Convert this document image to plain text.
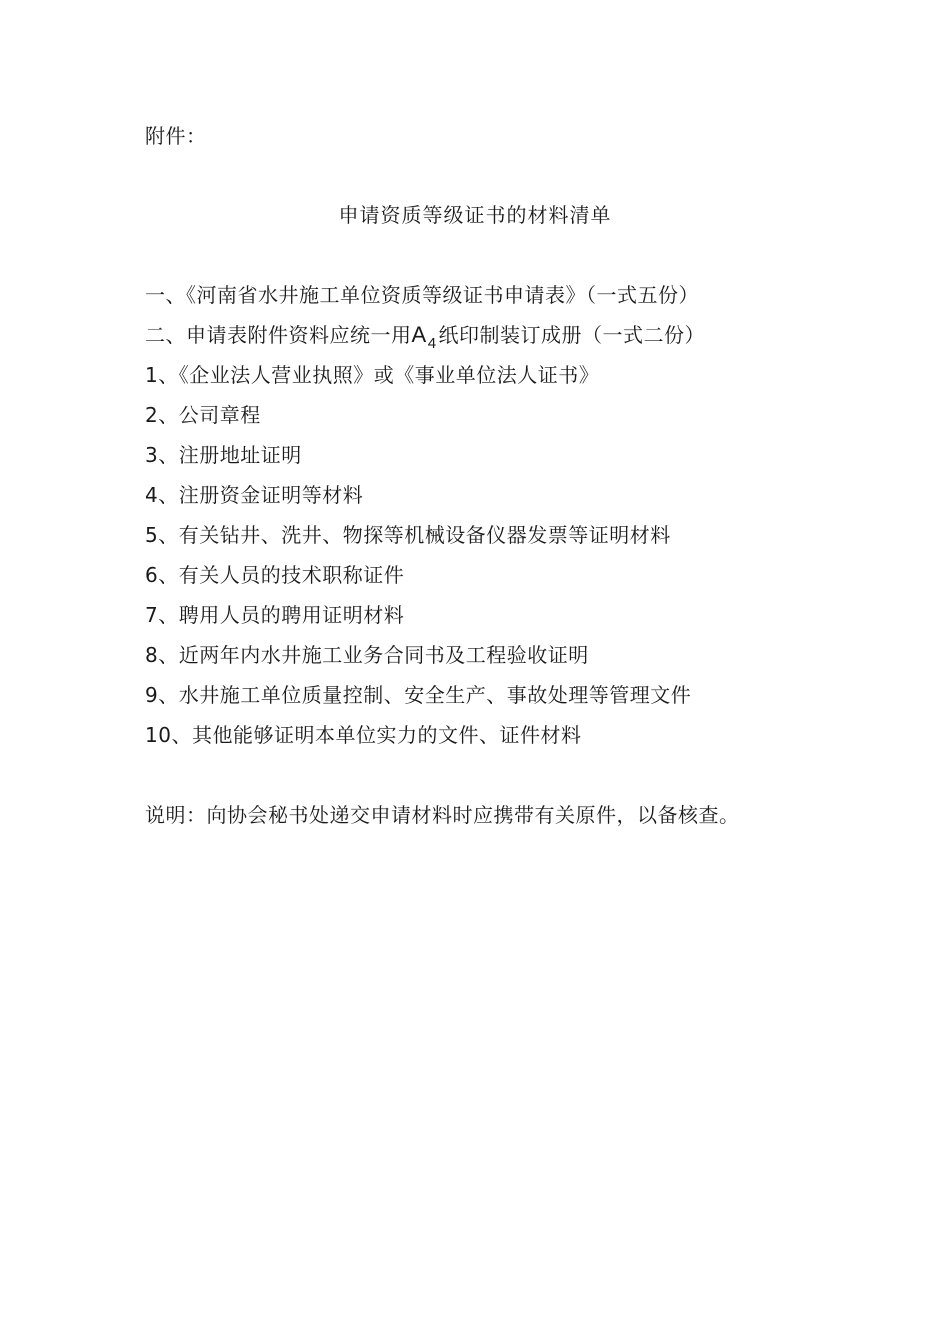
附件：
申请资质等级证书的材料清单
一、《河南省水井施工单位资质等级证书申请表》（一式五份）
二、申请表附件资料应统一用$A_4$ 纸印制装订成册（一式二份）
1、《企业法人营业执照》或《事业单位法人证书》
2、公司章程
3、注册地址证明
4、注册资金证明等材料
5、有关钻井、洗井、物探等机械设备仪器发票等证明材料
6、有关人员的技术职称证件
7、聘用人员的聘用证明材料
8、近两年内水井施工业务合同书及工程验收证明
9、水井施工单位质量控制、安全生产、事故处理等管理文件
10、其他能够证明本单位实力的文件、证件材料
说明：向协会秘书处递交申请材料时应携带有关原件，以备核查。
